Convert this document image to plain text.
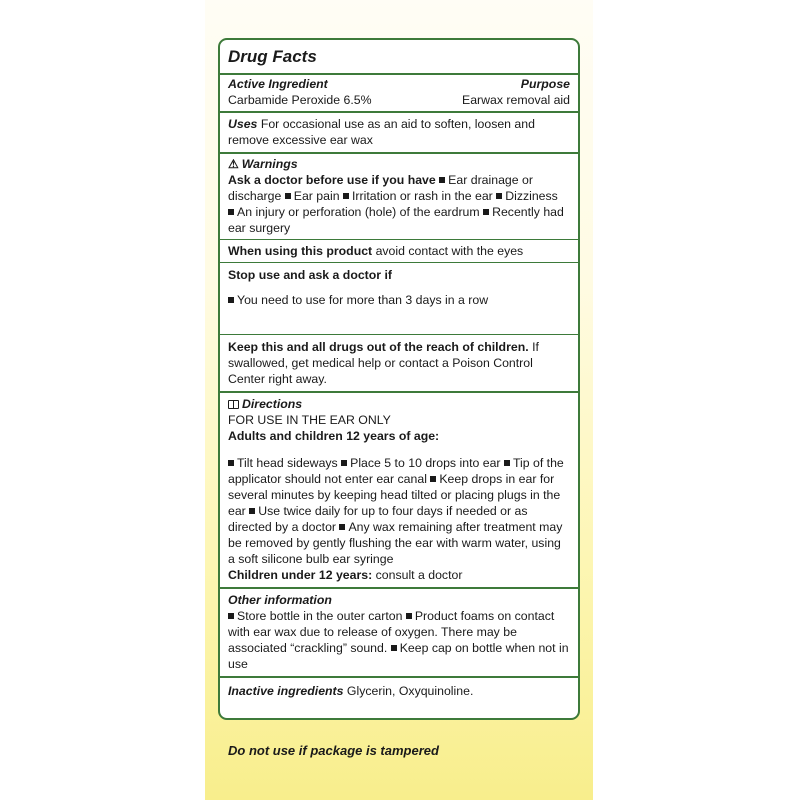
Drug Facts
Active Ingredient	Purpose
Carbamide Peroxide 6.5%	Earwax removal aid
Uses For occasional use as an aid to soften, loosen and remove excessive ear wax
⚠ Warnings
Ask a doctor before use if you have Ear drainage or discharge Ear pain Irritation or rash in the ear Dizziness An injury or perforation (hole) of the eardrum Recently had ear surgery
When using this product avoid contact with the eyes
Stop use and ask a doctor if
You need to use for more than 3 days in a row
Keep this and all drugs out of the reach of children. If swallowed, get medical help or contact a Poison Control Center right away.
Directions
FOR USE IN THE EAR ONLY
Adults and children 12 years of age:
Tilt head sideways Place 5 to 10 drops into ear Tip of the applicator should not enter ear canal Keep drops in ear for several minutes by keeping head tilted or placing plugs in the ear Use twice daily for up to four days if needed or as directed by a doctor Any wax remaining after treatment may be removed by gently flushing the ear with warm water, using a soft silicone bulb ear syringe
Children under 12 years: consult a doctor
Other information
Store bottle in the outer carton Product foams on contact with ear wax due to release of oxygen. There may be associated “crackling” sound. Keep cap on bottle when not in use
Inactive ingredients Glycerin, Oxyquinoline.
Do not use if package is tampered
